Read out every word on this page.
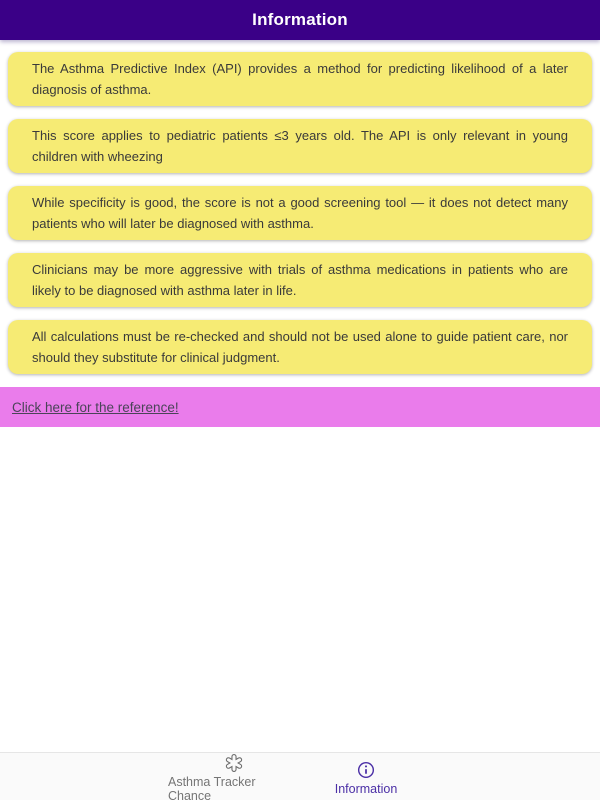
Information

The Asthma Predictive Index (API) provides a method for predicting likelihood of a later diagnosis of asthma.

This score applies to pediatric patients ≤3 years old. The API is only relevant in young children with wheezing

While specificity is good, the score is not a good screening tool — it does not detect many patients who will later be diagnosed with asthma.

Clinicians may be more aggressive with trials of asthma medications in patients who are likely to be diagnosed with asthma later in life.

All calculations must be re-checked and should not be used alone to guide patient care, nor should they substitute for clinical judgment.

Click here for the reference!
Asthma Tracker Chance	Information
